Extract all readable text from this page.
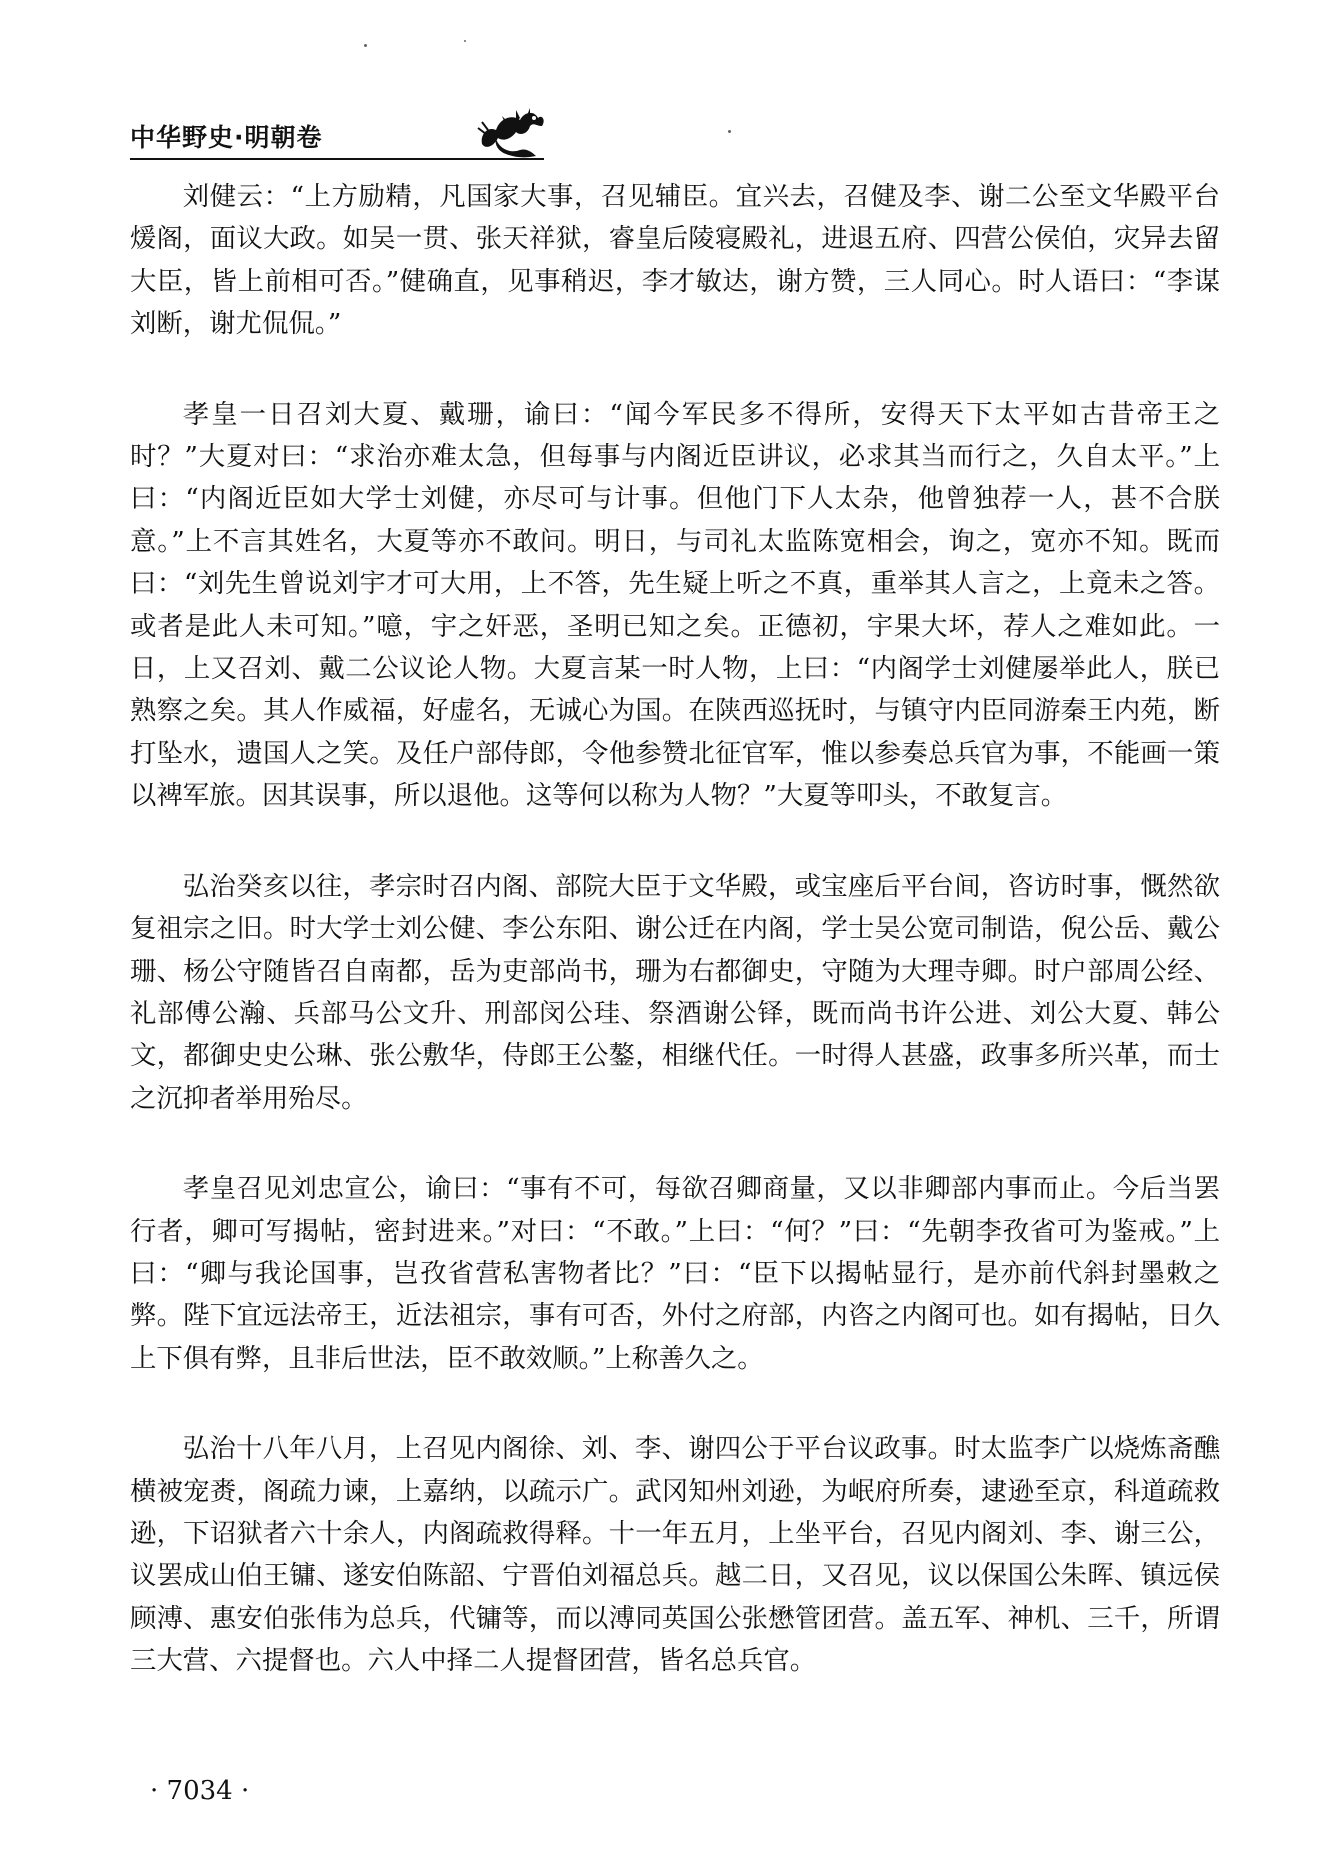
中华野史·明朝卷

刘健云：“上方励精，凡国家大事，召见辅臣。宜兴去，召健及李、谢二公至文华殿平台煖阁，面议大政。如吴一贯、张天祥狱，睿皇后陵寝殿礼，进退五府、四营公侯伯，灾异去留大臣，皆上前相可否。”健确直，见事稍迟，李才敏达，谢方赞，三人同心。时人语曰：“李谋刘断，谢尤侃侃。”

孝皇一日召刘大夏、戴珊，谕曰：“闻今军民多不得所，安得天下太平如古昔帝王之时？”大夏对曰：“求治亦难太急，但每事与内阁近臣讲议，必求其当而行之，久自太平。”上曰：“内阁近臣如大学士刘健，亦尽可与计事。但他门下人太杂，他曾独荐一人，甚不合朕意。”上不言其姓名，大夏等亦不敢问。明日，与司礼太监陈宽相会，询之，宽亦不知。既而曰：“刘先生曾说刘宇才可大用，上不答，先生疑上听之不真，重举其人言之，上竟未之答。或者是此人未可知。”噫，宇之奸恶，圣明已知之矣。正德初，宇果大坏，荐人之难如此。一日，上又召刘、戴二公议论人物。大夏言某一时人物，上曰：“内阁学士刘健屡举此人，朕已熟察之矣。其人作威福，好虚名，无诚心为国。在陕西巡抚时，与镇守内臣同游秦王内苑，断打坠水，遗国人之笑。及任户部侍郎，令他参赞北征官军，惟以参奏总兵官为事，不能画一策以裨军旅。因其误事，所以退他。这等何以称为人物？”大夏等叩头，不敢复言。

弘治癸亥以往，孝宗时召内阁、部院大臣于文华殿，或宝座后平台间，咨访时事，慨然欲复祖宗之旧。时大学士刘公健、李公东阳、谢公迁在内阁，学士吴公宽司制诰，倪公岳、戴公珊、杨公守随皆召自南都，岳为吏部尚书，珊为右都御史，守随为大理寺卿。时户部周公经、礼部傅公瀚、兵部马公文升、刑部闵公珪、祭酒谢公铎，既而尚书许公进、刘公大夏、韩公文，都御史史公琳、张公敷华，侍郎王公鏊，相继代任。一时得人甚盛，政事多所兴革，而士之沉抑者举用殆尽。

孝皇召见刘忠宣公，谕曰：“事有不可，每欲召卿商量，又以非卿部内事而止。今后当罢行者，卿可写揭帖，密封进来。”对曰：“不敢。”上曰：“何？”曰：“先朝李孜省可为鉴戒。”上曰：“卿与我论国事，岂孜省营私害物者比？”曰：“臣下以揭帖显行，是亦前代斜封墨敕之弊。陛下宜远法帝王，近法祖宗，事有可否，外付之府部，内咨之内阁可也。如有揭帖，日久上下俱有弊，且非后世法，臣不敢效顺。”上称善久之。

弘治十八年八月，上召见内阁徐、刘、李、谢四公于平台议政事。时太监李广以烧炼斋醮横被宠赉，阁疏力谏，上嘉纳，以疏示广。武冈知州刘逊，为岷府所奏，逮逊至京，科道疏救逊，下诏狱者六十余人，内阁疏救得释。十一年五月，上坐平台，召见内阁刘、李、谢三公，议罢成山伯王镛、遂安伯陈韶、宁晋伯刘福总兵。越二日，又召见，议以保国公朱晖、镇远侯顾溥、惠安伯张伟为总兵，代镛等，而以溥同英国公张懋管团营。盖五军、神机、三千，所谓三大营、六提督也。六人中择二人提督团营，皆名总兵官。

· 7034 ·
